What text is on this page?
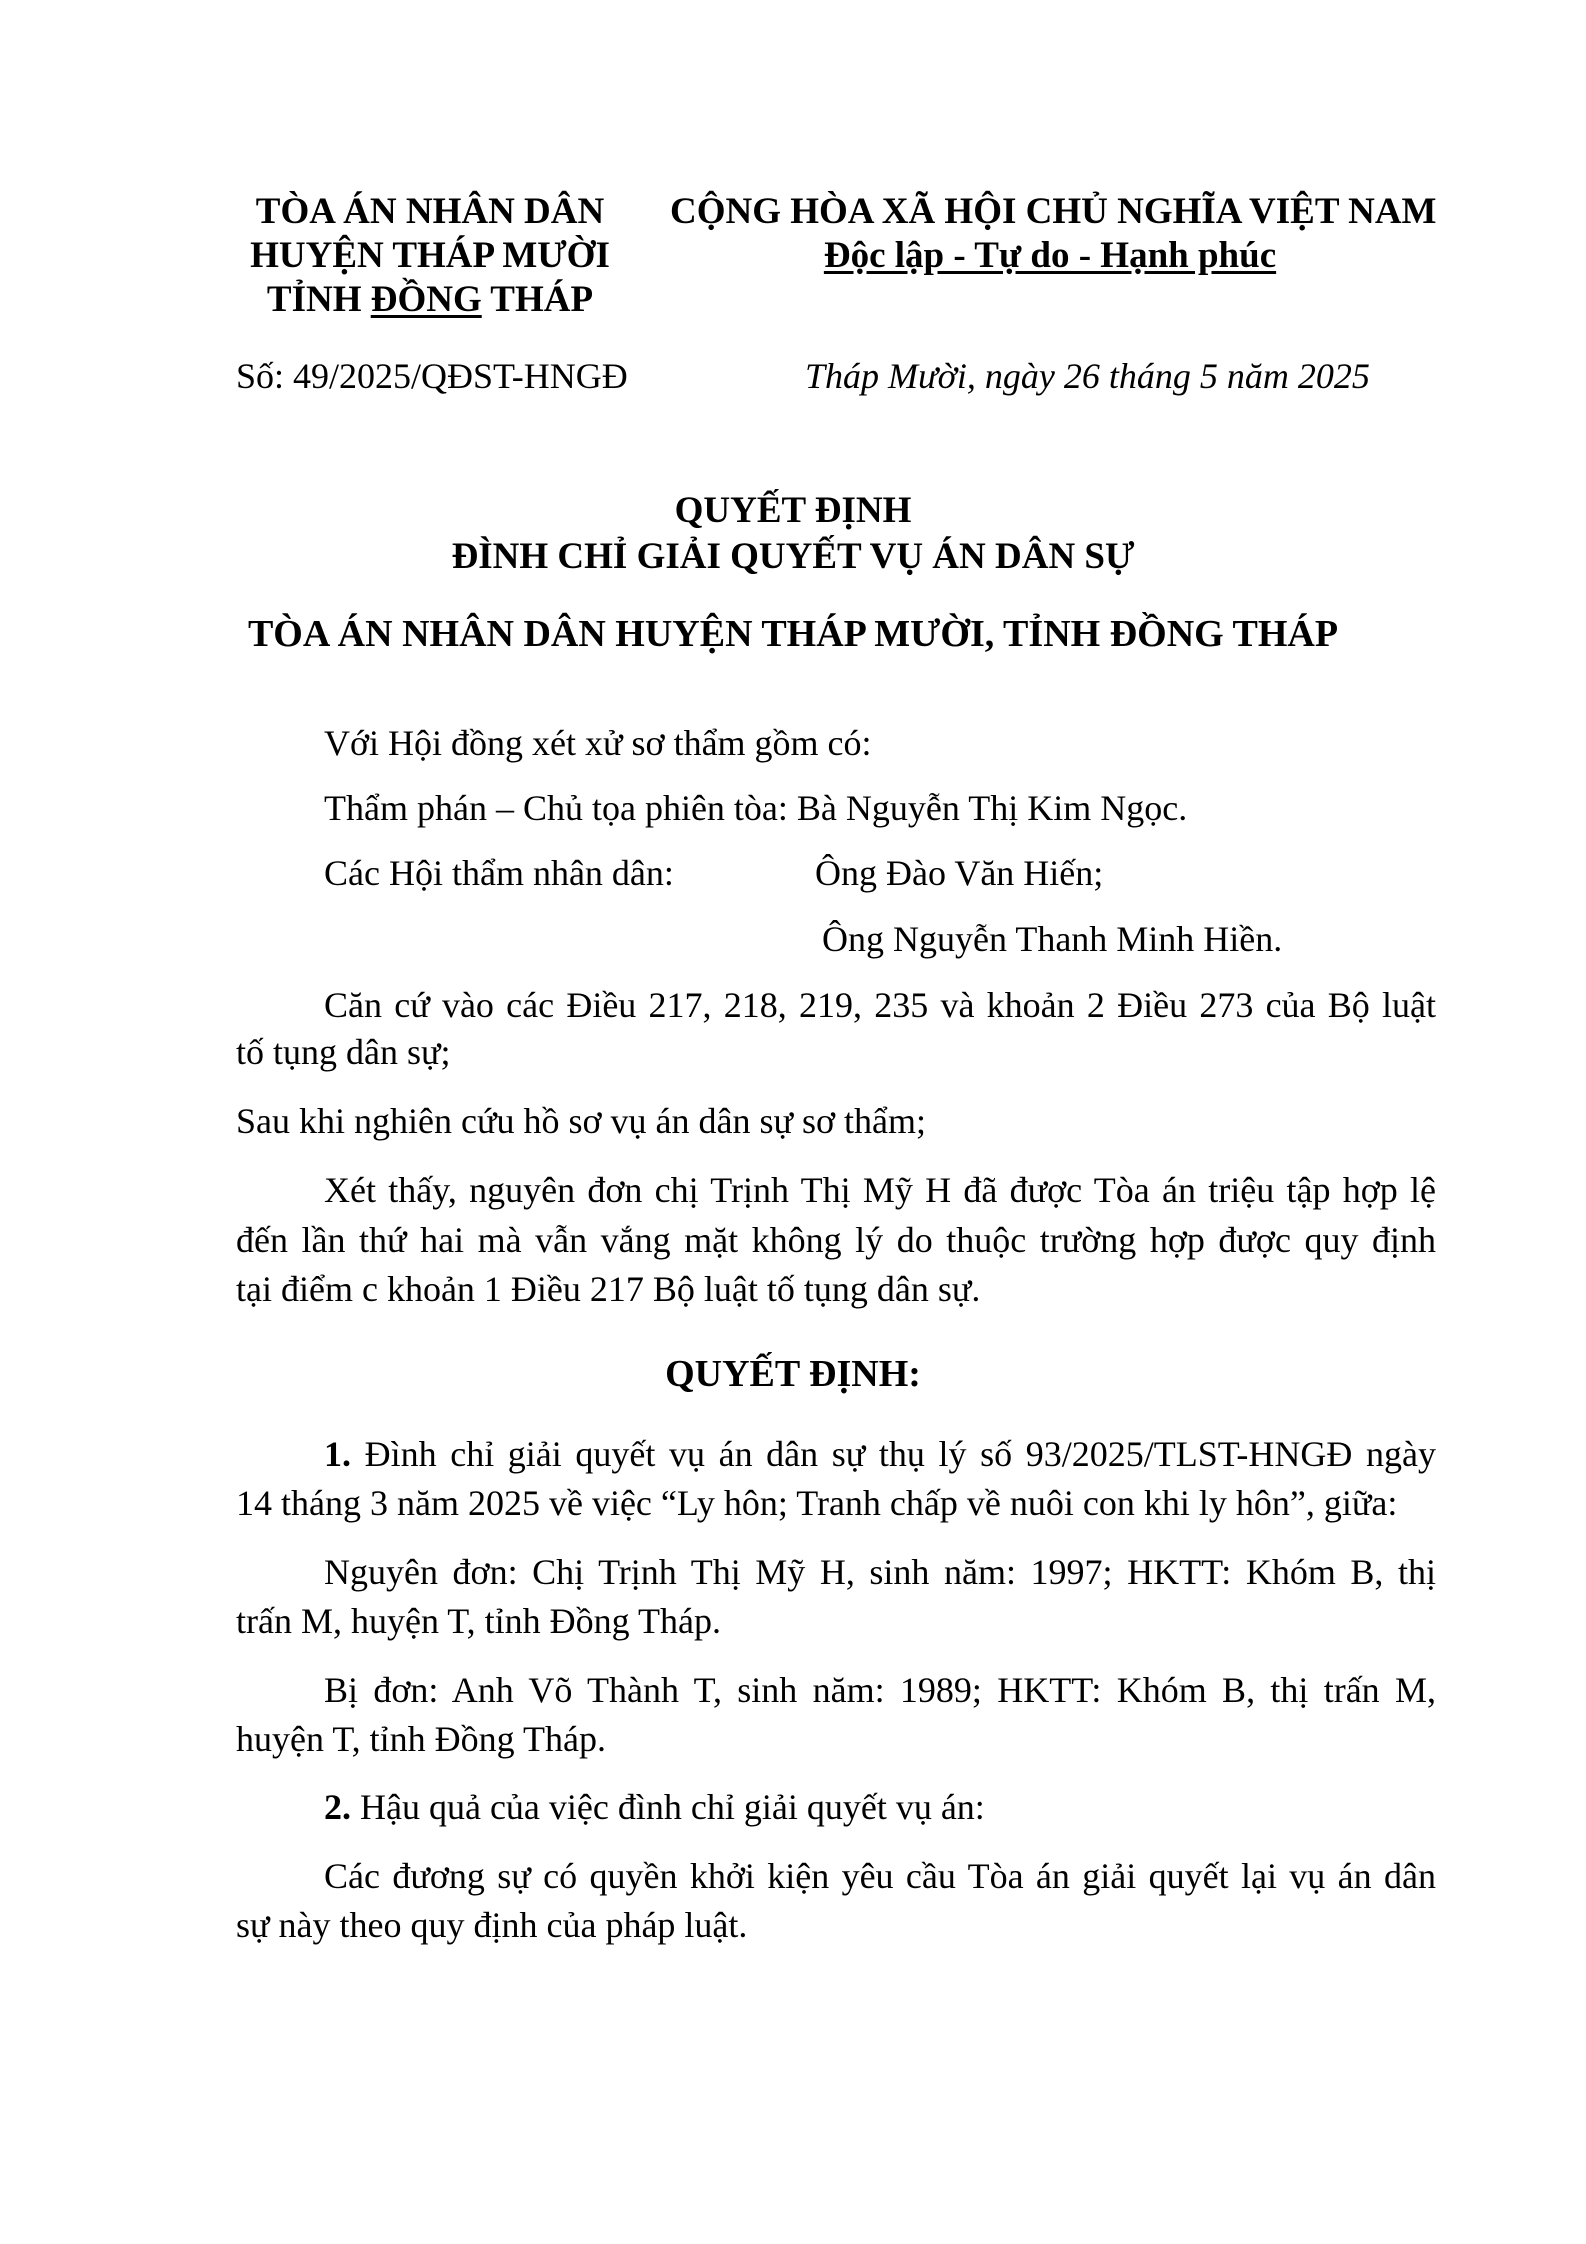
TÒA ÁN NHÂN DÂN
HUYỆN THÁP MƯỜI
TỈNH ĐỒNG THÁP
CỘNG HÒA XÃ HỘI CHỦ NGHĨA VIỆT NAM
Độc lập - Tự do - Hạnh phúc
Số: 49/2025/QĐST-HNGĐ	Tháp Mười, ngày 26 tháng 5 năm 2025
QUYẾT ĐỊNH
ĐÌNH CHỈ GIẢI QUYẾT VỤ ÁN DÂN SỰ
TÒA ÁN NHÂN DÂN HUYỆN THÁP MƯỜI, TỈNH ĐỒNG THÁP
Với Hội đồng xét xử sơ thẩm gồm có:
Thẩm phán – Chủ tọa phiên tòa: Bà Nguyễn Thị Kim Ngọc.
Các Hội thẩm nhân dân:	Ông Đào Văn Hiến;
Ông Nguyễn Thanh Minh Hiền.
Căn cứ vào các Điều 217, 218, 219, 235 và khoản 2 Điều 273 của Bộ luật
tố tụng dân sự;
Sau khi nghiên cứu hồ sơ vụ án dân sự sơ thẩm;
Xét thấy, nguyên đơn chị Trịnh Thị Mỹ H đã được Tòa án triệu tập hợp lệ
đến lần thứ hai mà vẫn vắng mặt không lý do thuộc trường hợp được quy định
tại điểm c khoản 1 Điều 217 Bộ luật tố tụng dân sự.
QUYẾT ĐỊNH:
1. Đình chỉ giải quyết vụ án dân sự thụ lý số 93/2025/TLST-HNGĐ ngày
14 tháng 3 năm 2025 về việc “Ly hôn; Tranh chấp về nuôi con khi ly hôn”, giữa:
Nguyên đơn: Chị Trịnh Thị Mỹ H, sinh năm: 1997; HKTT: Khóm B, thị
trấn M, huyện T, tỉnh Đồng Tháp.
Bị đơn: Anh Võ Thành T, sinh năm: 1989; HKTT: Khóm B, thị trấn M,
huyện T, tỉnh Đồng Tháp.
2. Hậu quả của việc đình chỉ giải quyết vụ án:
Các đương sự có quyền khởi kiện yêu cầu Tòa án giải quyết lại vụ án dân
sự này theo quy định của pháp luật.
